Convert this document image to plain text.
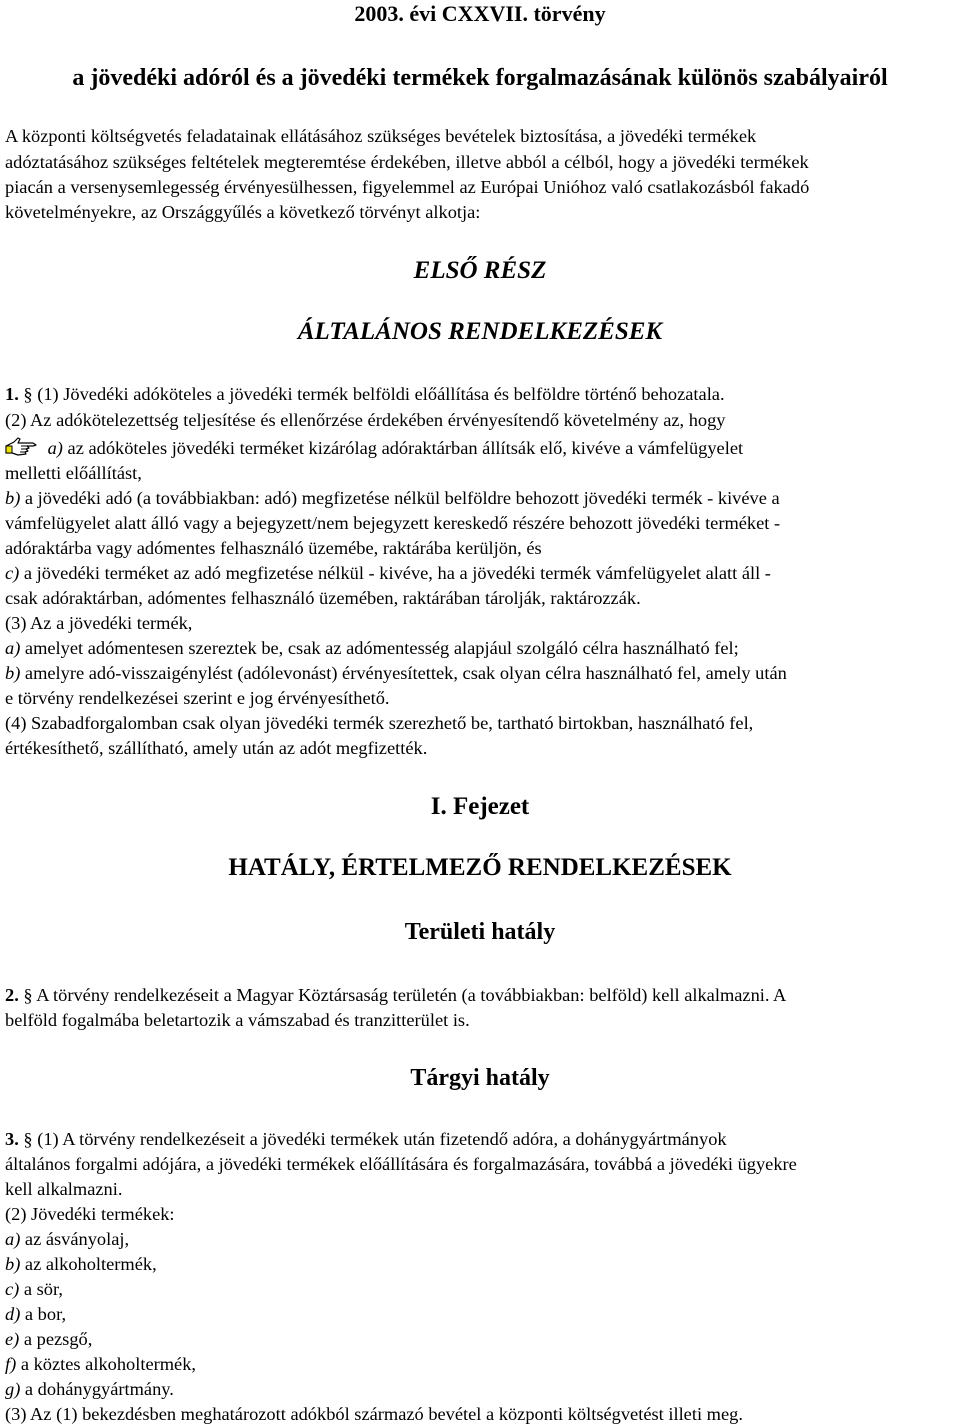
2003. évi CXXVII. törvény
a jövedéki adóról és a jövedéki termékek forgalmazásának különös szabályairól
A központi költségvetés feladatainak ellátásához szükséges bevételek biztosítása, a jövedéki termékek
adóztatásához szükséges feltételek megteremtése érdekében, illetve abból a célból, hogy a jövedéki termékek
piacán a versenysemlegesség érvényesülhessen, figyelemmel az Európai Unióhoz való csatlakozásból fakadó
követelményekre, az Országgyűlés a következő törvényt alkotja:
ELSŐ RÉSZ
ÁLTALÁNOS RENDELKEZÉSEK
1. § (1) Jövedéki adóköteles a jövedéki termék belföldi előállítása és belföldre történő behozatala.
(2) Az adókötelezettség teljesítése és ellenőrzése érdekében érvényesítendő követelmény az, hogy
a) az adóköteles jövedéki terméket kizárólag adóraktárban állítsák elő, kivéve a vámfelügyelet
melletti előállítást,
b) a jövedéki adó (a továbbiakban: adó) megfizetése nélkül belföldre behozott jövedéki termék - kivéve a
vámfelügyelet alatt álló vagy a bejegyzett/nem bejegyzett kereskedő részére behozott jövedéki terméket -
adóraktárba vagy adómentes felhasználó üzemébe, raktárába kerüljön, és
c) a jövedéki terméket az adó megfizetése nélkül - kivéve, ha a jövedéki termék vámfelügyelet alatt áll -
csak adóraktárban, adómentes felhasználó üzemében, raktárában tárolják, raktározzák.
(3) Az a jövedéki termék,
a) amelyet adómentesen szereztek be, csak az adómentesség alapjául szolgáló célra használható fel;
b) amelyre adó-visszaigénylést (adólevonást) érvényesítettek, csak olyan célra használható fel, amely után
e törvény rendelkezései szerint e jog érvényesíthető.
(4) Szabadforgalomban csak olyan jövedéki termék szerezhető be, tartható birtokban, használható fel,
értékesíthető, szállítható, amely után az adót megfizették.
I. Fejezet
HATÁLY, ÉRTELMEZŐ RENDELKEZÉSEK
Területi hatály
2. § A törvény rendelkezéseit a Magyar Köztársaság területén (a továbbiakban: belföld) kell alkalmazni. A
belföld fogalmába beletartozik a vámszabad és tranzitterület is.
Tárgyi hatály
3. § (1) A törvény rendelkezéseit a jövedéki termékek után fizetendő adóra, a dohánygyártmányok
általános forgalmi adójára, a jövedéki termékek előállítására és forgalmazására, továbbá a jövedéki ügyekre
kell alkalmazni.
(2) Jövedéki termékek:
a) az ásványolaj,
b) az alkoholtermék,
c) a sör,
d) a bor,
e) a pezsgő,
f) a köztes alkoholtermék,
g) a dohánygyártmány.
(3) Az (1) bekezdésben meghatározott adókból származó bevétel a központi költségvetést illeti meg.
